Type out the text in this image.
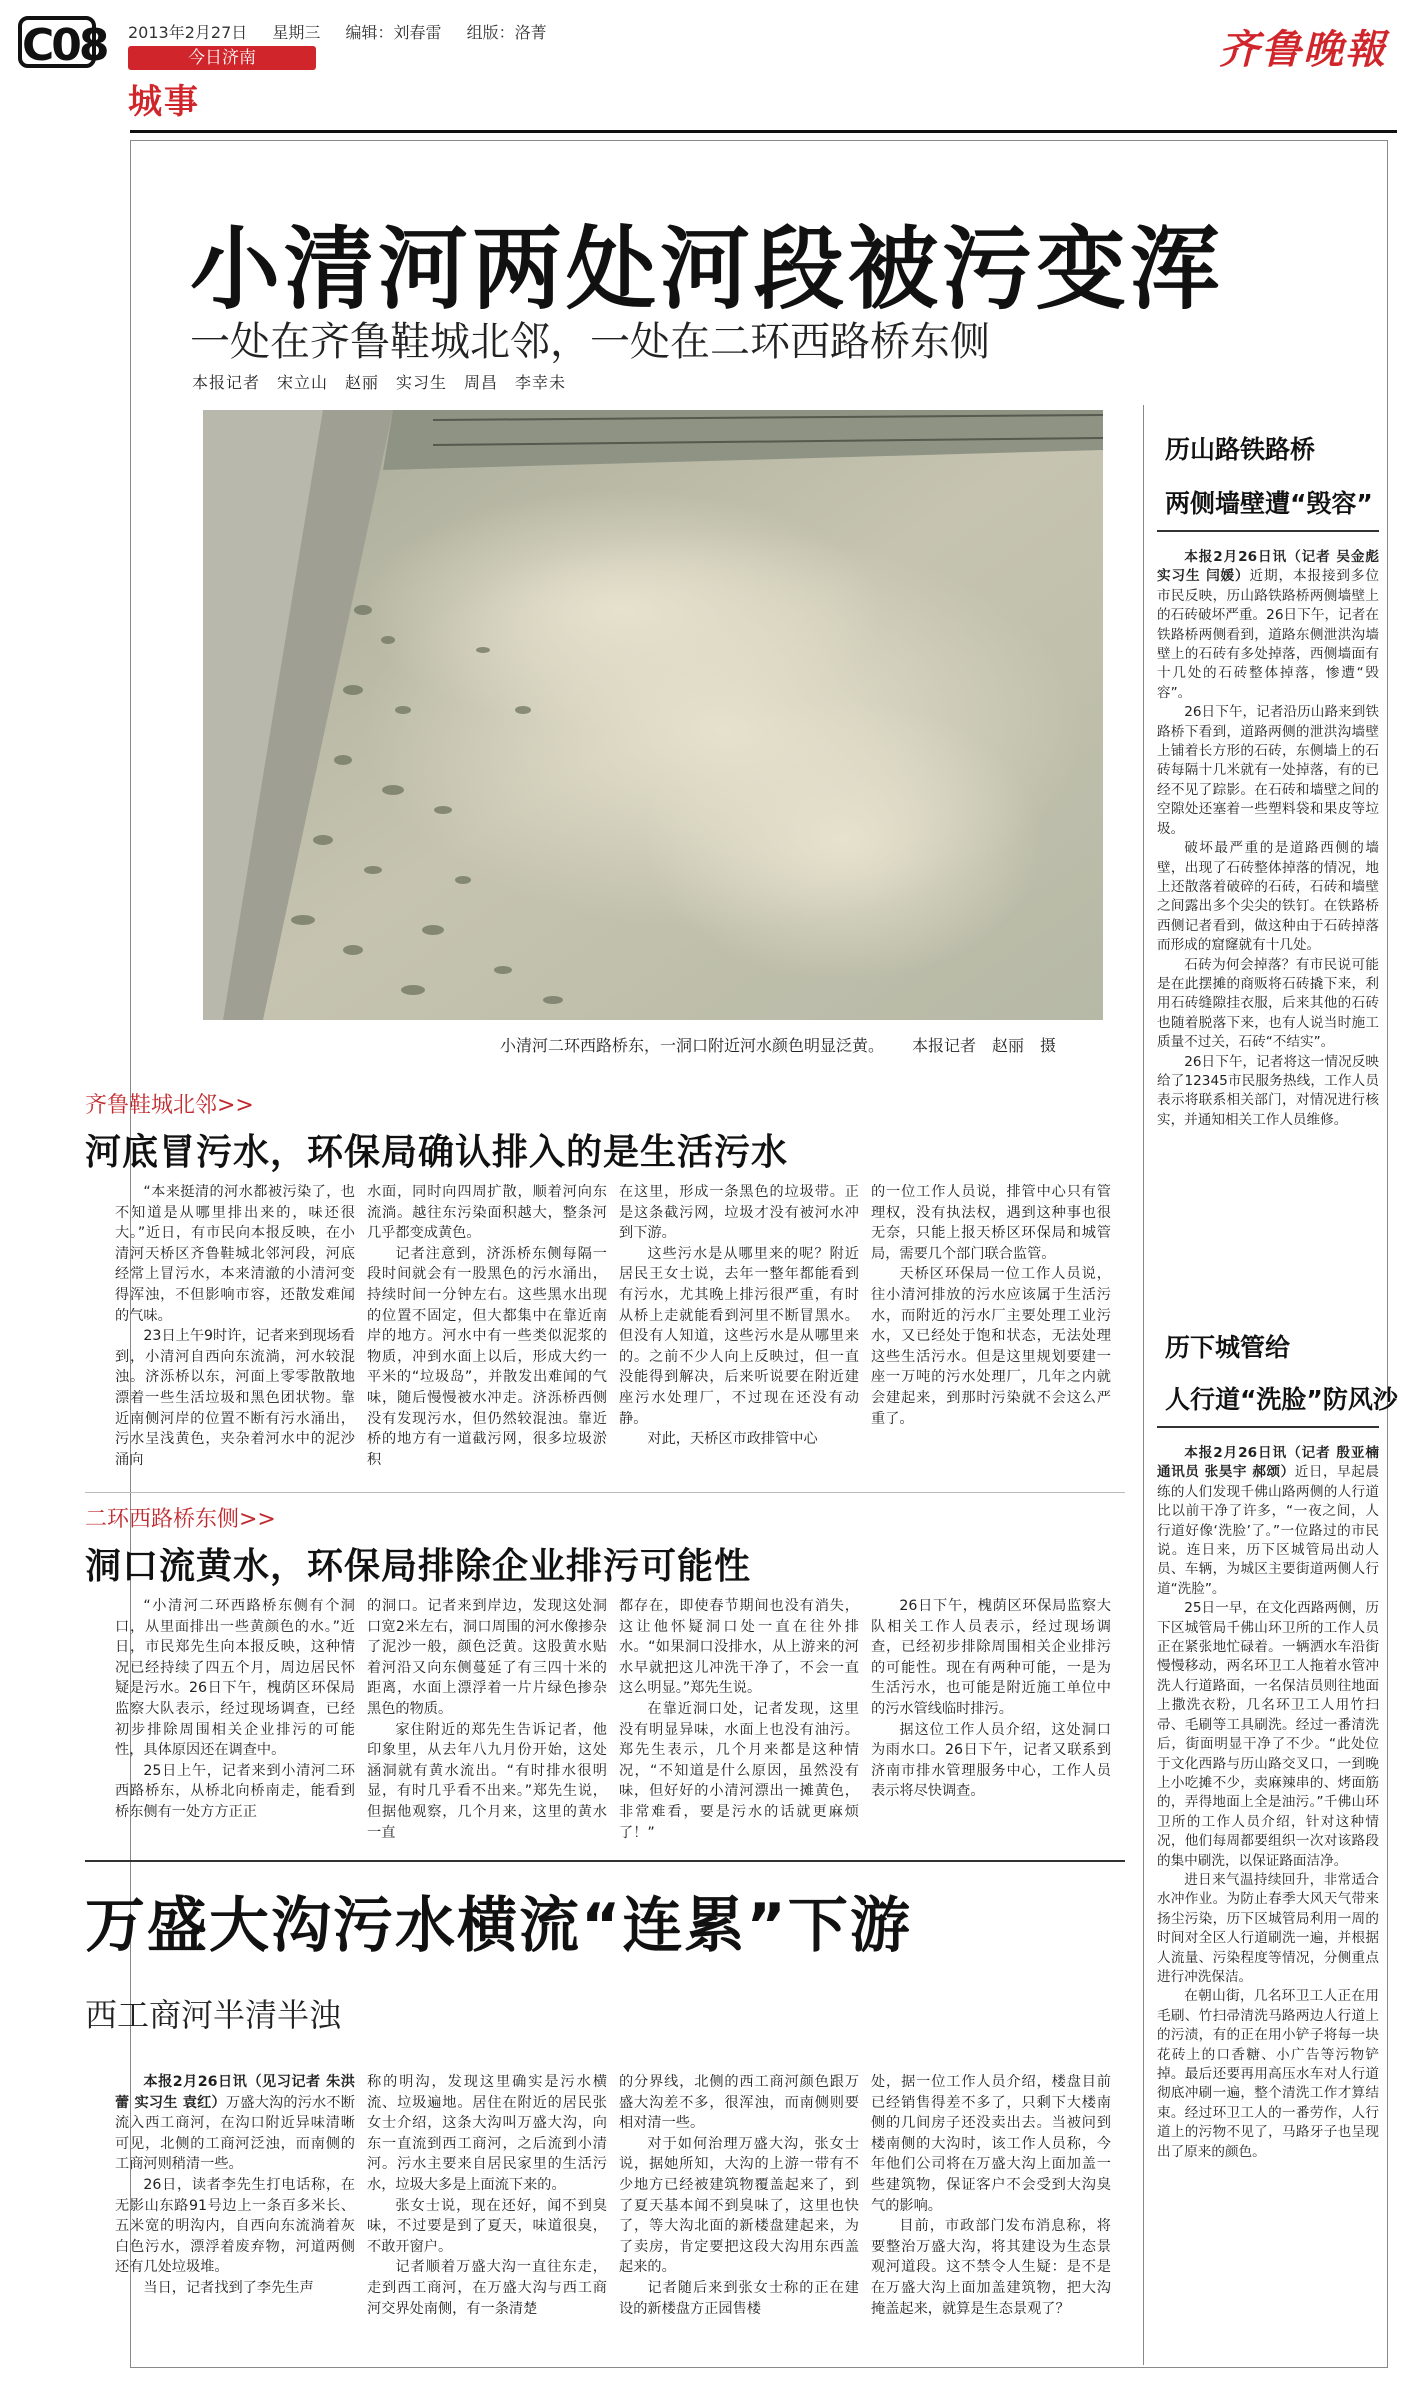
C08 2013年2月27日 星期三 编辑：刘春雷 组版：洛菁
今日济南
城事
齐鲁晚報
小清河两处河段被污变浑
一处在齐鲁鞋城北邻，一处在二环西路桥东侧
本报记者　宋立山　赵丽　实习生　周昌　李幸未
小清河二环西路桥东，一洞口附近河水颜色明显泛黄。 本报记者　赵丽　摄
齐鲁鞋城北邻>>
河底冒污水，环保局确认排入的是生活污水

“本来挺清的河水都被污染了，也不知道是从哪里排出来的，味还很大。”近日，有市民向本报反映，在小清河天桥区齐鲁鞋城北邻河段，河底经常上冒污水，本来清澈的小清河变得浑浊，不但影响市容，还散发难闻的气味。

23日上午9时许，记者来到现场看到，小清河自西向东流淌，河水较混浊。济泺桥以东，河面上零零散散地漂着一些生活垃圾和黑色团状物。靠近南侧河岸的位置不断有污水涌出，污水呈浅黄色，夹杂着河水中的泥沙涌向

水面，同时向四周扩散，顺着河向东流淌。越往东污染面积越大，整条河几乎都变成黄色。

记者注意到，济泺桥东侧每隔一段时间就会有一股黑色的污水涌出，持续时间一分钟左右。这些黑水出现的位置不固定，但大都集中在靠近南岸的地方。河水中有一些类似泥浆的物质，冲到水面上以后，形成大约一平米的“垃圾岛”，并散发出难闻的气味，随后慢慢被水冲走。济泺桥西侧没有发现污水，但仍然较混浊。靠近桥的地方有一道截污网，很多垃圾淤积

在这里，形成一条黑色的垃圾带。正是这条截污网，垃圾才没有被河水冲到下游。

这些污水是从哪里来的呢？附近居民王女士说，去年一整年都能看到有污水，尤其晚上排污很严重，有时从桥上走就能看到河里不断冒黑水。但没有人知道，这些污水是从哪里来的。之前不少人向上反映过，但一直没能得到解决，后来听说要在附近建座污水处理厂，不过现在还没有动静。

对此，天桥区市政排管中心

的一位工作人员说，排管中心只有管理权，没有执法权，遇到这种事也很无奈，只能上报天桥区环保局和城管局，需要几个部门联合监管。

天桥区环保局一位工作人员说，往小清河排放的污水应该属于生活污水，而附近的污水厂主要处理工业污水，又已经处于饱和状态，无法处理这些生活污水。但是这里规划要建一座一万吨的污水处理厂，几年之内就会建起来，到那时污染就不会这么严重了。

二环西路桥东侧>>
洞口流黄水，环保局排除企业排污可能性

“小清河二环西路桥东侧有个洞口，从里面排出一些黄颜色的水。”近日，市民郑先生向本报反映，这种情况已经持续了四五个月，周边居民怀疑是污水。26日下午，槐荫区环保局监察大队表示，经过现场调查，已经初步排除周围相关企业排污的可能性，具体原因还在调查中。

25日上午，记者来到小清河二环西路桥东，从桥北向桥南走，能看到桥东侧有一处方方正正

的洞口。记者来到岸边，发现这处洞口宽2米左右，洞口周围的河水像掺杂了泥沙一般，颜色泛黄。这股黄水贴着河沿又向东侧蔓延了有三四十米的距离，水面上漂浮着一片片绿色掺杂黑色的物质。

家住附近的郑先生告诉记者，他印象里，从去年八九月份开始，这处涵洞就有黄水流出。“有时排水很明显，有时几乎看不出来。”郑先生说，但据他观察，几个月来，这里的黄水一直

都存在，即使春节期间也没有消失，这让他怀疑洞口处一直在往外排水。“如果洞口没排水，从上游来的河水早就把这儿冲洗干净了，不会一直这么明显。”郑先生说。

在靠近洞口处，记者发现，这里没有明显异味，水面上也没有油污。郑先生表示，几个月来都是这种情况，“不知道是什么原因，虽然没有味，但好好的小清河漂出一摊黄色，非常难看，要是污水的话就更麻烦了！”

26日下午，槐荫区环保局监察大队相关工作人员表示，经过现场调查，已经初步排除周围相关企业排污的可能性。现在有两种可能，一是为生活污水，也可能是附近施工单位中的污水管线临时排污。

据这位工作人员介绍，这处洞口为雨水口。26日下午，记者又联系到济南市排水管理服务中心，工作人员表示将尽快调查。

万盛大沟污水横流“连累”下游
西工商河半清半浊

本报2月26日讯（见习记者 朱洪蕾 实习生 袁红）万盛大沟的污水不断流入西工商河，在沟口附近异味清晰可见，北侧的工商河泛浊，而南侧的工商河则稍清一些。

26日，读者李先生打电话称，在无影山东路91号边上一条百多米长、五米宽的明沟内，自西向东流淌着灰白色污水，漂浮着废弃物，河道两侧还有几处垃圾堆。

当日，记者找到了李先生声

称的明沟，发现这里确实是污水横流、垃圾遍地。居住在附近的居民张女士介绍，这条大沟叫万盛大沟，向东一直流到西工商河，之后流到小清河。污水主要来自居民家里的生活污水，垃圾大多是上面流下来的。

张女士说，现在还好，闻不到臭味，不过要是到了夏天，味道很臭，不敢开窗户。

记者顺着万盛大沟一直往东走，走到西工商河，在万盛大沟与西工商河交界处南侧，有一条清楚

的分界线，北侧的西工商河颜色跟万盛大沟差不多，很浑浊，而南侧则要相对清一些。

对于如何治理万盛大沟，张女士说，据她所知，大沟的上游一带有不少地方已经被建筑物覆盖起来了，到了夏天基本闻不到臭味了，这里也快了，等大沟北面的新楼盘建起来，为了卖房，肯定要把这段大沟用东西盖起来的。

记者随后来到张女士称的正在建设的新楼盘方正园售楼

处，据一位工作人员介绍，楼盘目前已经销售得差不多了，只剩下大楼南侧的几间房子还没卖出去。当被问到楼南侧的大沟时，该工作人员称，今年他们公司将在万盛大沟上面加盖一些建筑物，保证客户不会受到大沟臭气的影响。

目前，市政部门发布消息称，将要整治万盛大沟，将其建设为生态景观河道段。这不禁令人生疑：是不是在万盛大沟上面加盖建筑物，把大沟掩盖起来，就算是生态景观了？

历山路铁路桥
两侧墙壁遭“毁容”

本报2月26日讯（记者 吴金彪 实习生 闫媛）近期，本报接到多位市民反映，历山路铁路桥两侧墙壁上的石砖破坏严重。26日下午，记者在铁路桥两侧看到，道路东侧泄洪沟墙壁上的石砖有多处掉落，西侧墙面有十几处的石砖整体掉落，惨遭“毁容”。

26日下午，记者沿历山路来到铁路桥下看到，道路两侧的泄洪沟墙壁上铺着长方形的石砖，东侧墙上的石砖每隔十几米就有一处掉落，有的已经不见了踪影。在石砖和墙壁之间的空隙处还塞着一些塑料袋和果皮等垃圾。

破坏最严重的是道路西侧的墙壁，出现了石砖整体掉落的情况，地上还散落着破碎的石砖，石砖和墙壁之间露出多个尖尖的铁钉。在铁路桥西侧记者看到，做这种由于石砖掉落而形成的窟窿就有十几处。

石砖为何会掉落？有市民说可能是在此摆摊的商贩将石砖撬下来，利用石砖缝隙挂衣服，后来其他的石砖也随着脱落下来，也有人说当时施工质量不过关，石砖“不结实”。

26日下午，记者将这一情况反映给了12345市民服务热线，工作人员表示将联系相关部门，对情况进行核实，并通知相关工作人员维修。

历下城管给
人行道“洗脸”防风沙

本报2月26日讯（记者 殷亚楠 通讯员 张昊宇 郝颂）近日，早起晨练的人们发现千佛山路两侧的人行道比以前干净了许多，“一夜之间，人行道好像‘洗脸’了。”一位路过的市民说。连日来，历下区城管局出动人员、车辆，为城区主要街道两侧人行道“洗脸”。

25日一早，在文化西路两侧，历下区城管局千佛山环卫所的工作人员正在紧张地忙碌着。一辆洒水车沿街慢慢移动，两名环卫工人拖着水管冲洗人行道路面，一名保洁员则往地面上撒洗衣粉，几名环卫工人用竹扫帚、毛刷等工具刷洗。经过一番清洗后，街面明显干净了不少。“此处位于文化西路与历山路交叉口，一到晚上小吃摊不少，卖麻辣串的、烤面筋的，弄得地面上全是油污。”千佛山环卫所的工作人员介绍，针对这种情况，他们每周都要组织一次对该路段的集中刷洗，以保证路面洁净。

进日来气温持续回升，非常适合水冲作业。为防止春季大风天气带来扬尘污染，历下区城管局利用一周的时间对全区人行道刷洗一遍，并根据人流量、污染程度等情况，分侧重点进行冲洗保洁。

在朝山街，几名环卫工人正在用毛刷、竹扫帚清洗马路两边人行道上的污渍，有的正在用小铲子将每一块花砖上的口香糖、小广告等污物铲掉。最后还要再用高压水车对人行道彻底冲刷一遍，整个清洗工作才算结束。经过环卫工人的一番劳作，人行道上的污物不见了，马路牙子也呈现出了原来的颜色。
